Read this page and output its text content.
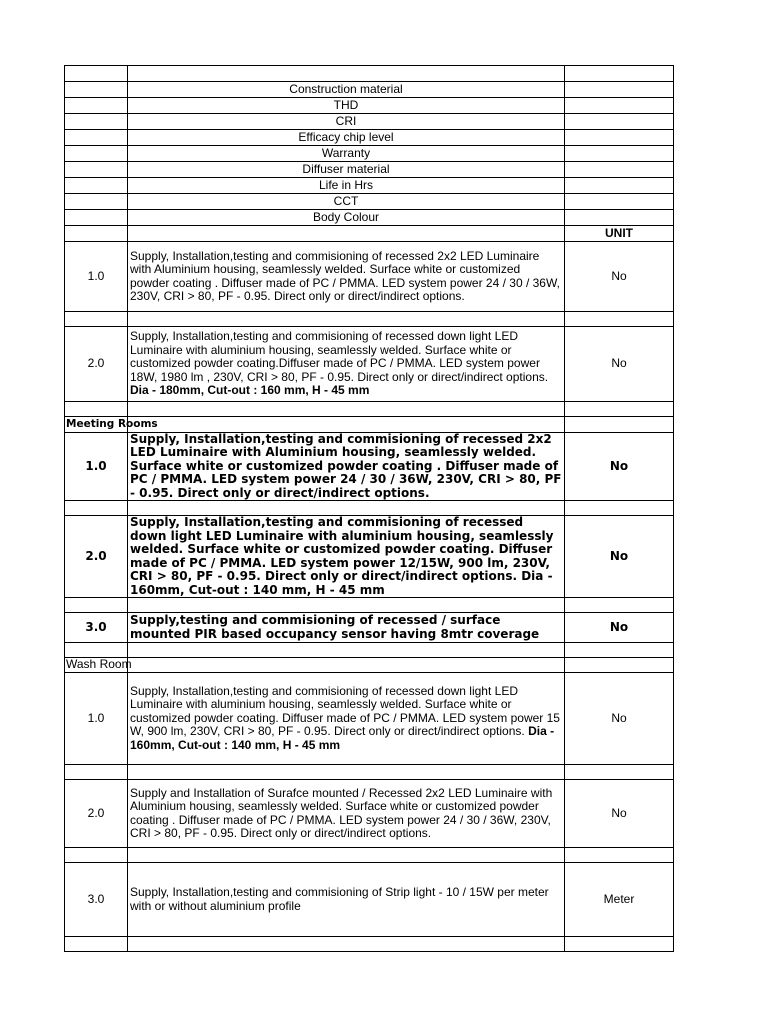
	Construction material	
	THD	
	CRI	
	Efficacy chip level	
	Warranty	
	Diffuser material	
	Life in Hrs	
	CCT	
	Body Colour	
		UNIT
1.0	Supply, Installation,testing and commisioning of recessed 2x2 LED Luminaire with Aluminium housing, seamlessly welded. Surface white or customized powder coating . Diffuser made of PC / PMMA. LED system power 24 / 30 / 36W, 230V, CRI > 80, PF - 0.95. Direct only or direct/indirect options.	No

2.0	Supply, Installation,testing and commisioning of recessed down light LED Luminaire with aluminium housing, seamlessly welded. Surface white or customized powder coating.Diffuser made of PC / PMMA. LED system power 18W, 1980 lm , 230V, CRI > 80, PF - 0.95. Direct only or direct/indirect options. Dia - 180mm, Cut-out : 160 mm, H - 45 mm	No

Meeting Rooms		
1.0	Supply, Installation,testing and commisioning of recessed 2x2 LED Luminaire with Aluminium housing, seamlessly welded. Surface white or customized powder coating . Diffuser made of PC / PMMA. LED system power 24 / 30 / 36W, 230V, CRI > 80, PF - 0.95. Direct only or direct/indirect options.	No

2.0	Supply, Installation,testing and commisioning of recessed down light LED Luminaire with aluminium housing, seamlessly welded. Surface white or customized powder coating. Diffuser made of PC / PMMA. LED system power 12/15W, 900 lm, 230V, CRI > 80, PF - 0.95. Direct only or direct/indirect options. Dia - 160mm, Cut-out : 140 mm, H - 45 mm	No

3.0	Supply,testing and commisioning of recessed / surface mounted PIR based occupancy sensor having 8mtr coverage	No

Wash Room		
1.0	Supply, Installation,testing and commisioning of recessed down light LED Luminaire with aluminium housing, seamlessly welded. Surface white or customized powder coating. Diffuser made of PC / PMMA. LED system power 15 W, 900 lm, 230V, CRI > 80, PF - 0.95. Direct only or direct/indirect options. Dia - 160mm, Cut-out : 140 mm, H - 45 mm	No

2.0	Supply and Installation of Surafce mounted / Recessed 2x2 LED Luminaire with Aluminium housing, seamlessly welded. Surface white or customized powder coating . Diffuser made of PC / PMMA. LED system power 24 / 30 / 36W, 230V, CRI > 80, PF - 0.95. Direct only or direct/indirect options.	No

3.0	Supply, Installation,testing and commisioning of Strip light - 10 / 15W per meter with or without aluminium profile	Meter
